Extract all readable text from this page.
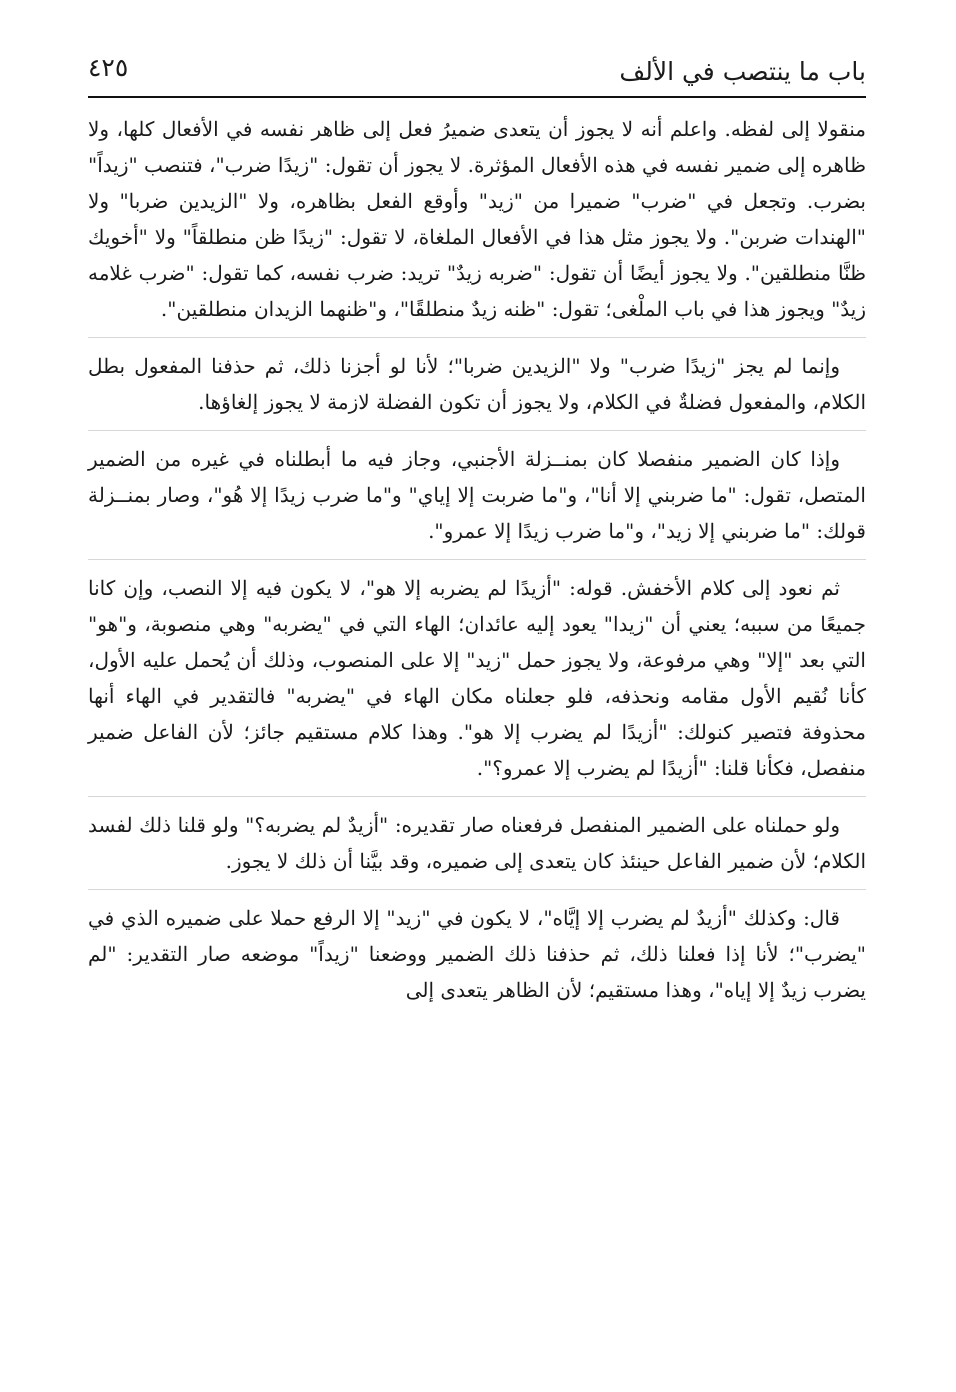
باب ما ينتصب في الألف
٤٢٥

منقولا إلى لفظه. واعلم أنه لا يجوز أن يتعدى ضميرُ فعل إلى ظاهر نفسه في الأفعال كلها، ولا ظاهره إلى ضمير نفسه في هذه الأفعال المؤثرة. لا يجوز أن تقول: "زيدًا ضرب"، فتنصب "زيداً" بضرب. وتجعل في "ضرب" ضميرا من "زيد" وأوقع الفعل بظاهره، ولا "الزيدين ضربا" ولا "الهندات ضربن". ولا يجوز مثل هذا في الأفعال الملغاة، لا تقول: "زيدًا ظن منطلقاً" ولا "أخويك ظنَّا منطلقين". ولا يجوز أيضًا أن تقول: "ضربه زيدٌ" تريد: ضرب نفسه، كما تقول: "ضرب غلامه زيدٌ" ويجوز هذا في باب الملْغى؛ تقول: "ظنه زيدٌ منطلقًا"، و"ظنهما الزيدان منطلقين".

وإنما لم يجز "زيدًا ضرب" ولا "الزيدين ضربا"؛ لأنا لو أجزنا ذلك، ثم حذفنا المفعول بطل الكلام، والمفعول فضلةٌ في الكلام، ولا يجوز أن تكون الفضلة لازمة لا يجوز إلغاؤها.

وإذا كان الضمير منفصلا كان بمنــزلة الأجنبي، وجاز فيه ما أبطلناه في غيره من الضمير المتصل، تقول: "ما ضربني إلا أنا"، و"ما ضربت إلا إياي" و"ما ضرب زيدًا إلا هُو"، وصار بمنــزلة قولك: "ما ضربني إلا زيد"، و"ما ضرب زيدًا إلا عمرو".

ثم نعود إلى كلام الأخفش. قوله: "أزيدًا لم يضربه إلا هو"، لا يكون فيه إلا النصب، وإن كانا جميعًا من سببه؛ يعني أن "زيدا" يعود إليه عائدان؛ الهاء التي في "يضربه" وهي منصوبة، و"هو" التي بعد "إلا" وهي مرفوعة، ولا يجوز حمل "زيد" إلا على المنصوب، وذلك أن يُحمل عليه الأول، كأنا نُقيم الأول مقامه ونحذفه، فلو جعلناه مكان الهاء في "يضربه" فالتقدير في الهاء أنها محذوفة فتصير كنولك: "أزيدًا لم يضرب إلا هو". وهذا كلام مستقيم جائز؛ لأن الفاعل ضمير منفصل، فكأنا قلنا: "أزيدًا لم يضرب إلا عمرو؟".

ولو حملناه على الضمير المنفصل فرفعناه صار تقديره: "أزيدٌ لم يضربه؟" ولو قلنا ذلك لفسد الكلام؛ لأن ضمير الفاعل حينئذ كان يتعدى إلى ضميره، وقد بيَّنا أن ذلك لا يجوز.

قال: وكذلك "أزيدٌ لم يضرب إلا إيَّاه"، لا يكون في "زيد" إلا الرفع حملا على ضميره الذي في "يضرب"؛ لأنا إذا فعلنا ذلك، ثم حذفنا ذلك الضمير ووضعنا "زيداً" موضعه صار التقدير: "لم يضرب زيدٌ إلا إياه"، وهذا مستقيم؛ لأن الظاهر يتعدى إلى
